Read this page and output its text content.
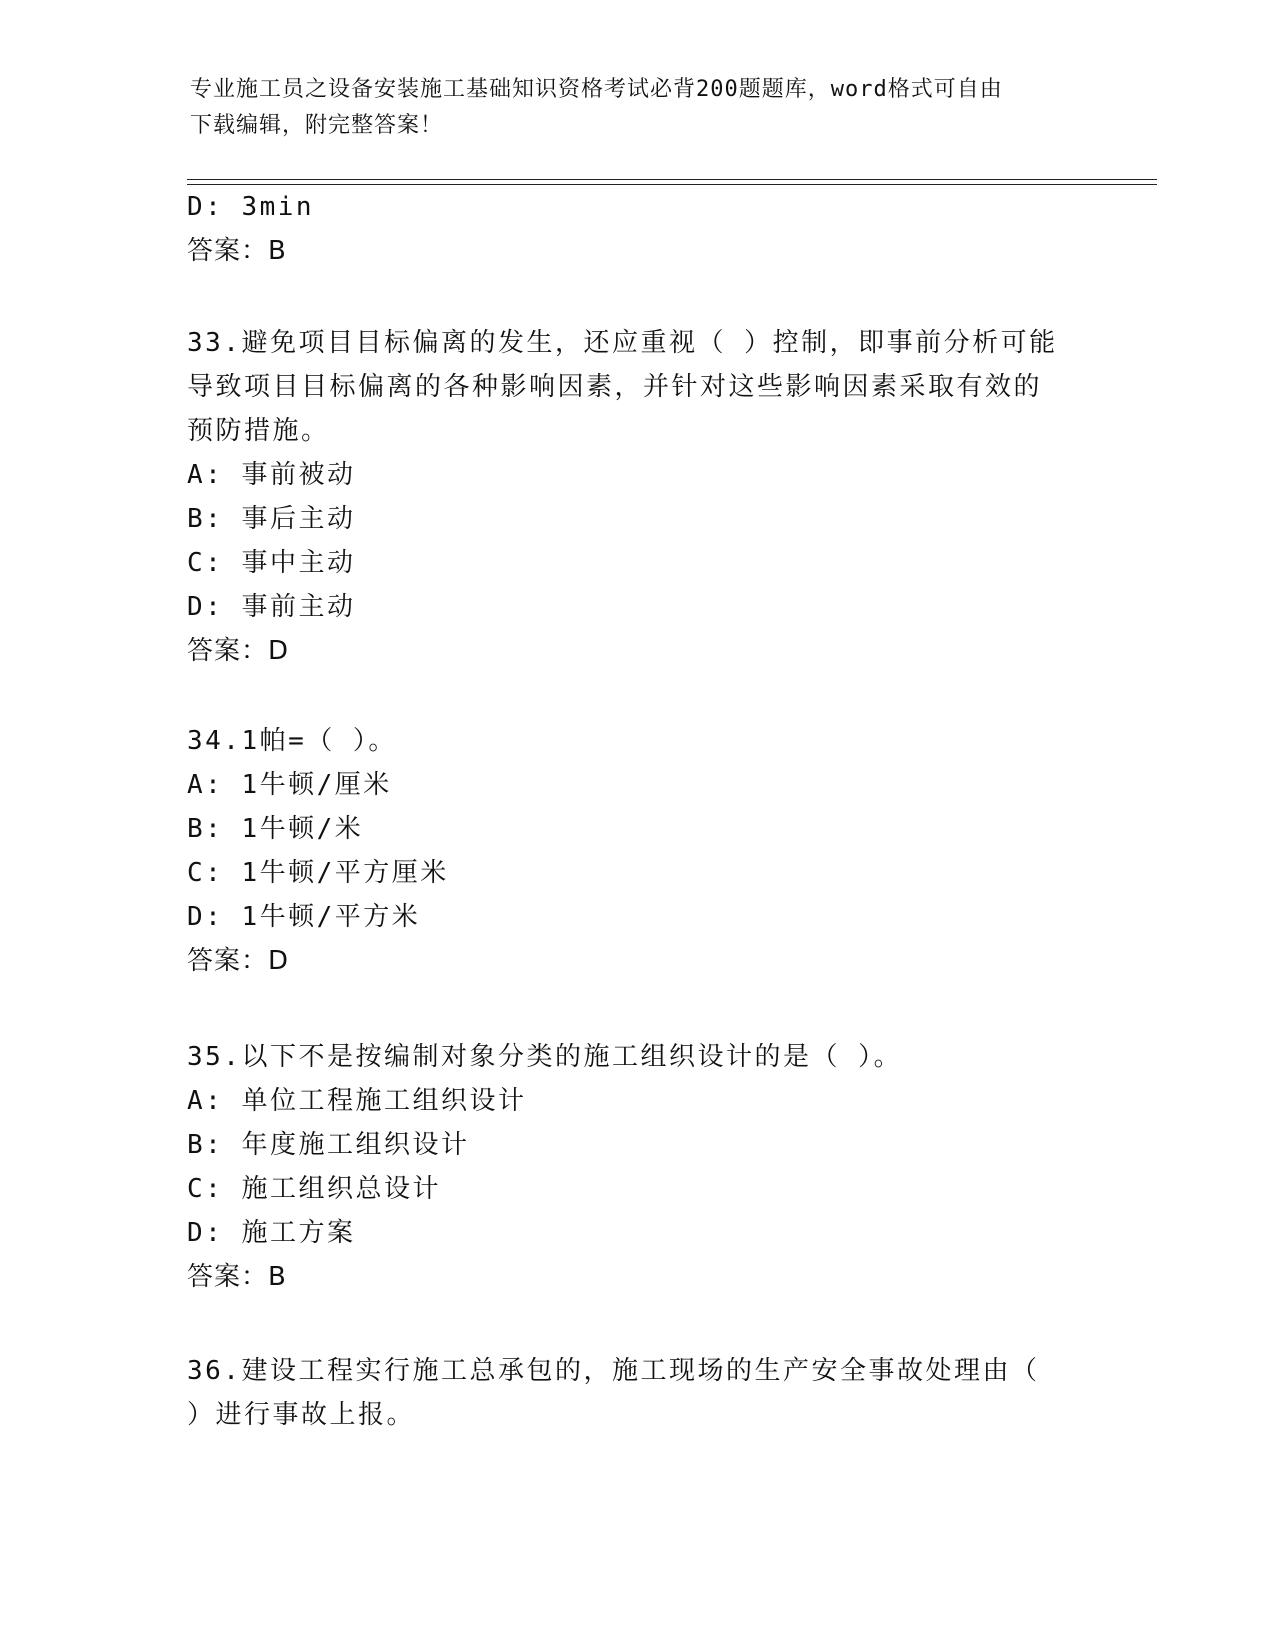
专业施工员之设备安装施工基础知识资格考试必背200题题库，word格式可自由
下载编辑，附完整答案！
D: 3min
答案：B
33.避免项目目标偏离的发生，还应重视（ ）控制，即事前分析可能
导致项目目标偏离的各种影响因素，并针对这些影响因素采取有效的
预防措施。
A: 事前被动
B: 事后主动
C: 事中主动
D: 事前主动
答案：D
34.1帕=（ ）。
A: 1牛顿/厘米
B: 1牛顿/米
C: 1牛顿/平方厘米
D: 1牛顿/平方米
答案：D
35.以下不是按编制对象分类的施工组织设计的是（ ）。
A: 单位工程施工组织设计
B: 年度施工组织设计
C: 施工组织总设计
D: 施工方案
答案：B
36.建设工程实行施工总承包的，施工现场的生产安全事故处理由（
）进行事故上报。
